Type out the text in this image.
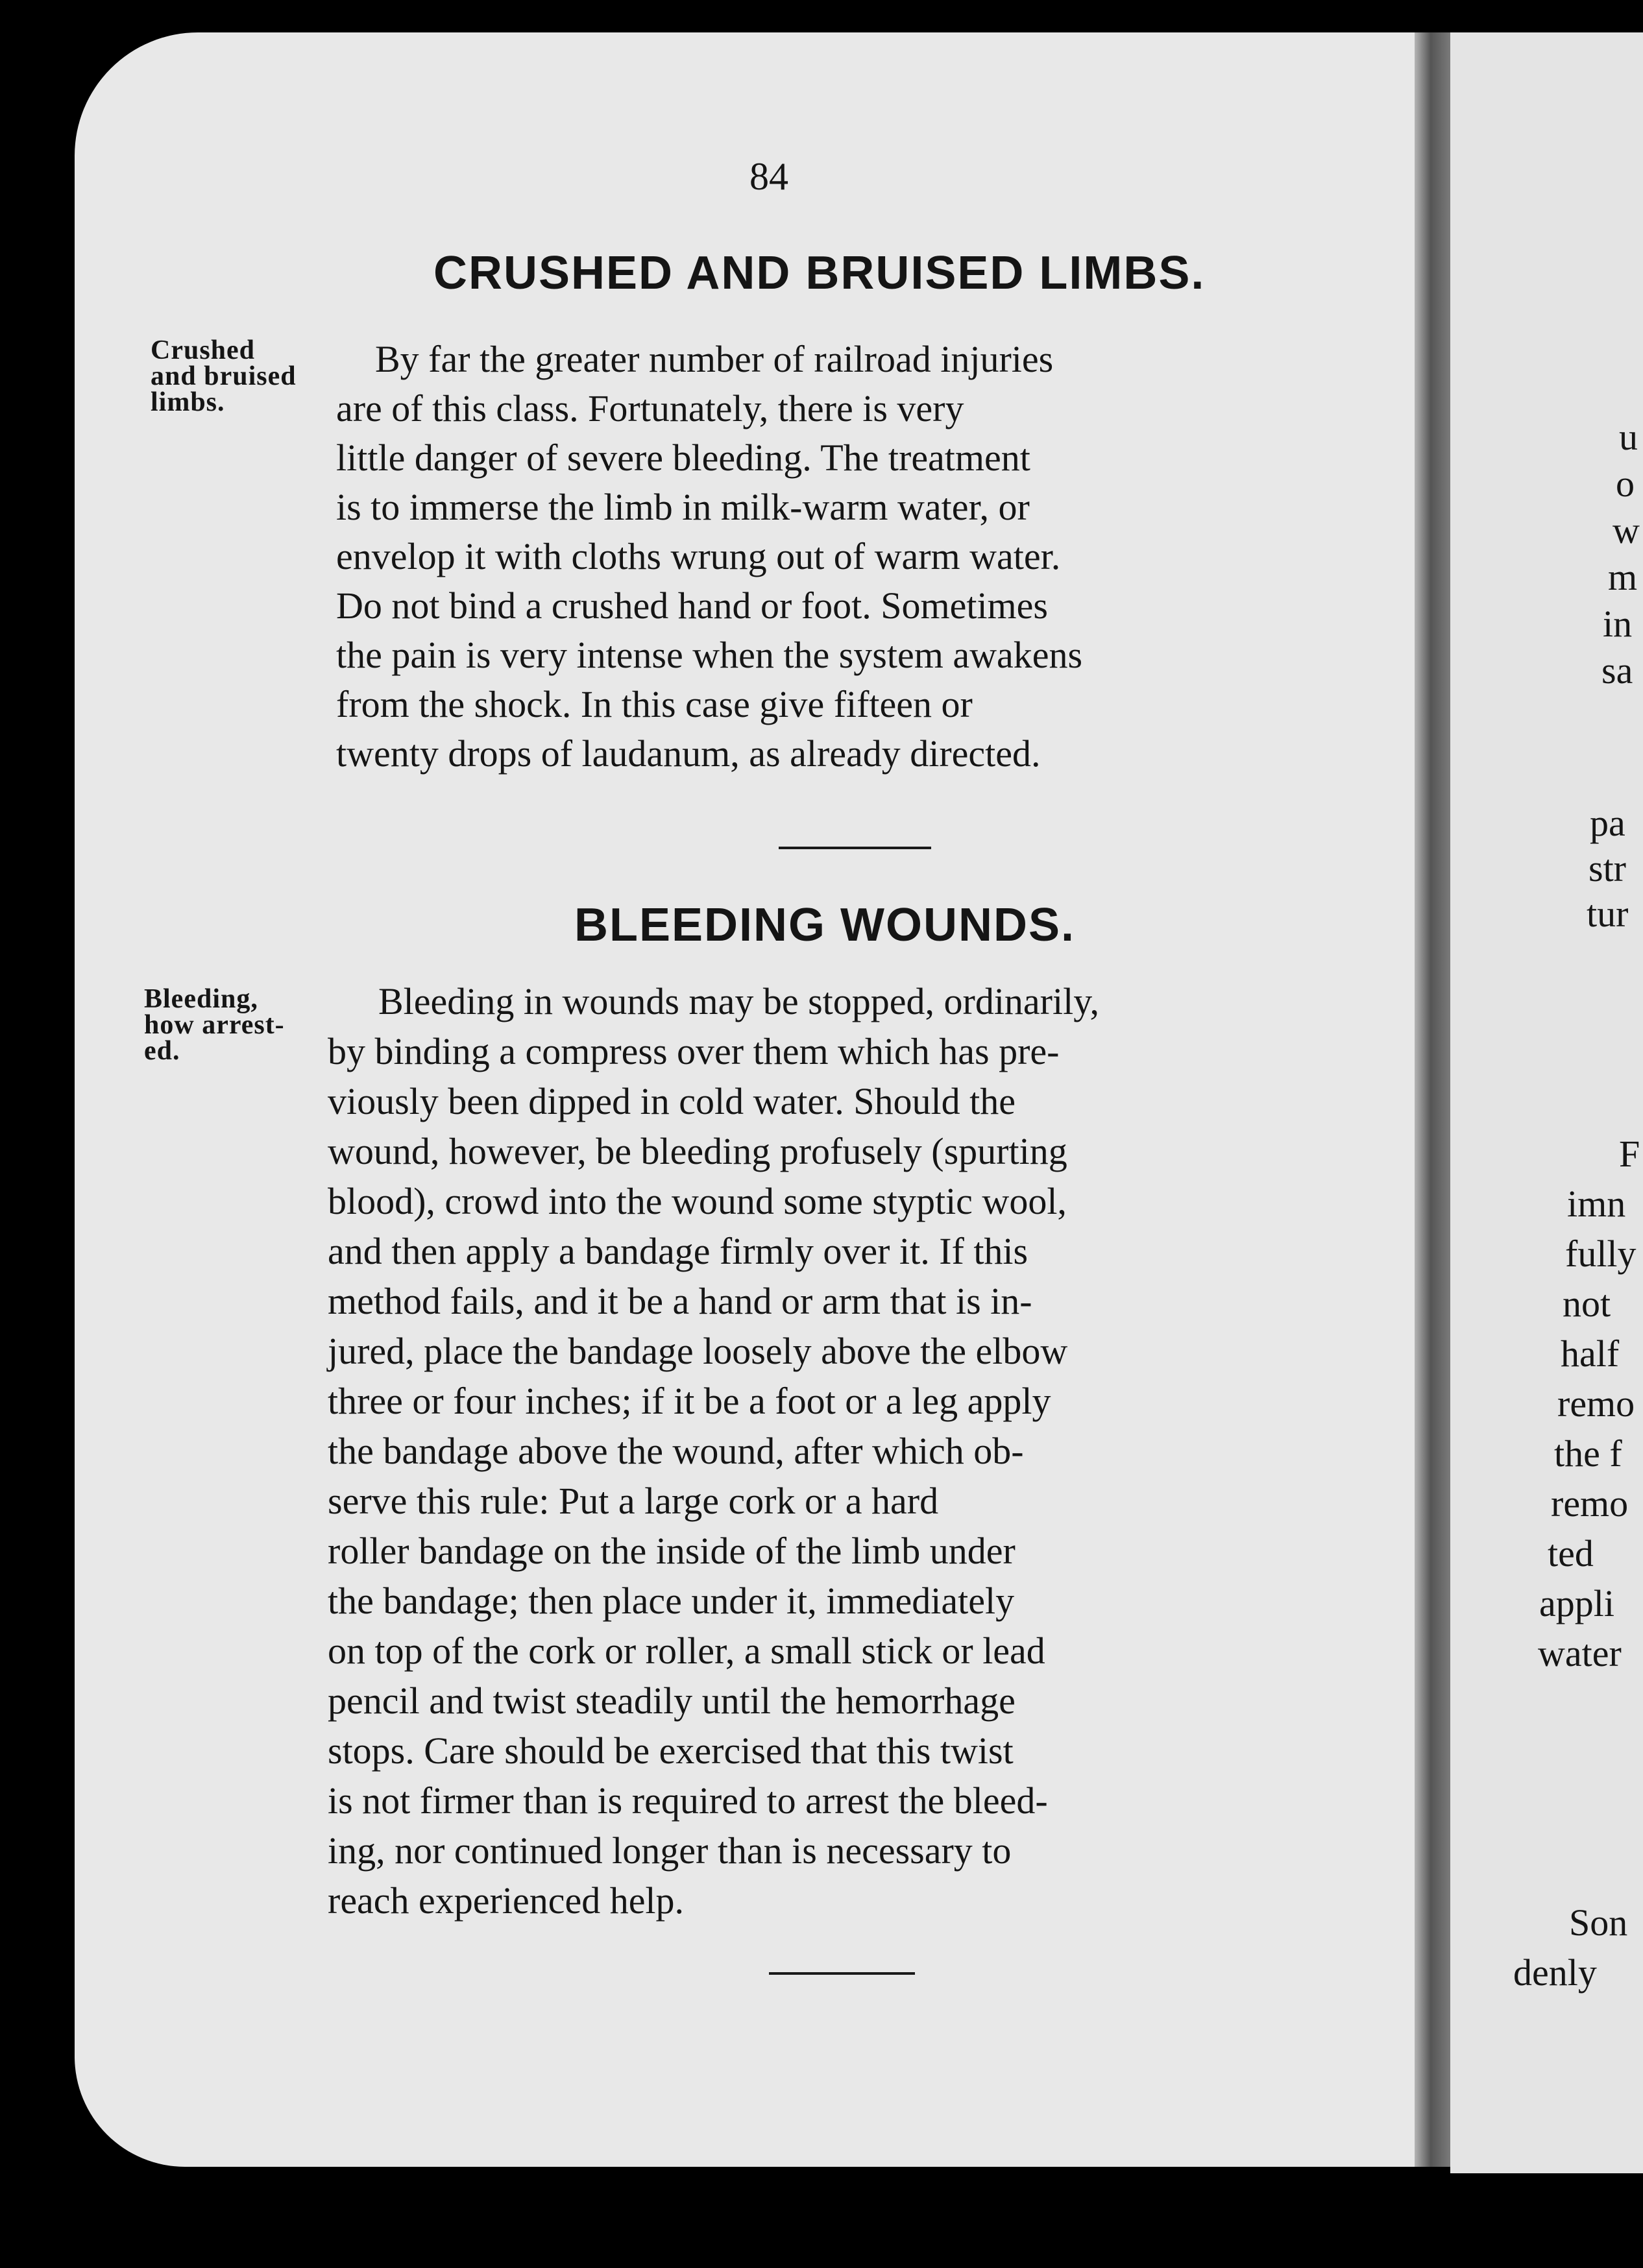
84
CRUSHED AND BRUISED LIMBS.
Crushed
and bruised
limbs.
By far the greater number of railroad injuries
are of this class. Fortunately, there is very
little danger of severe bleeding. The treatment
is to immerse the limb in milk-warm water, or
envelop it with cloths wrung out of warm water.
Do not bind a crushed hand or foot. Sometimes
the pain is very intense when the system awakens
from the shock. In this case give fifteen or
twenty drops of laudanum, as already directed.
BLEEDING WOUNDS.
Bleeding,
how arrest-
ed.
Bleeding in wounds may be stopped, ordinarily,
by binding a compress over them which has pre-
viously been dipped in cold water. Should the
wound, however, be bleeding profusely (spurting
blood), crowd into the wound some styptic wool,
and then apply a bandage firmly over it. If this
method fails, and it be a hand or arm that is in-
jured, place the bandage loosely above the elbow
three or four inches; if it be a foot or a leg apply
the bandage above the wound, after which ob-
serve this rule: Put a large cork or a hard
roller bandage on the inside of the limb under
the bandage; then place under it, immediately
on top of the cork or roller, a small stick or lead
pencil and twist steadily until the hemorrhage
stops. Care should be exercised that this twist
is not firmer than is required to arrest the bleed-
ing, nor continued longer than is necessary to
reach experienced help.
u
o
w
m
in
sa
pa
str
tur
F
imn
fully
not
half
remo
the f
remo
ted
appli
water
Son
denly
